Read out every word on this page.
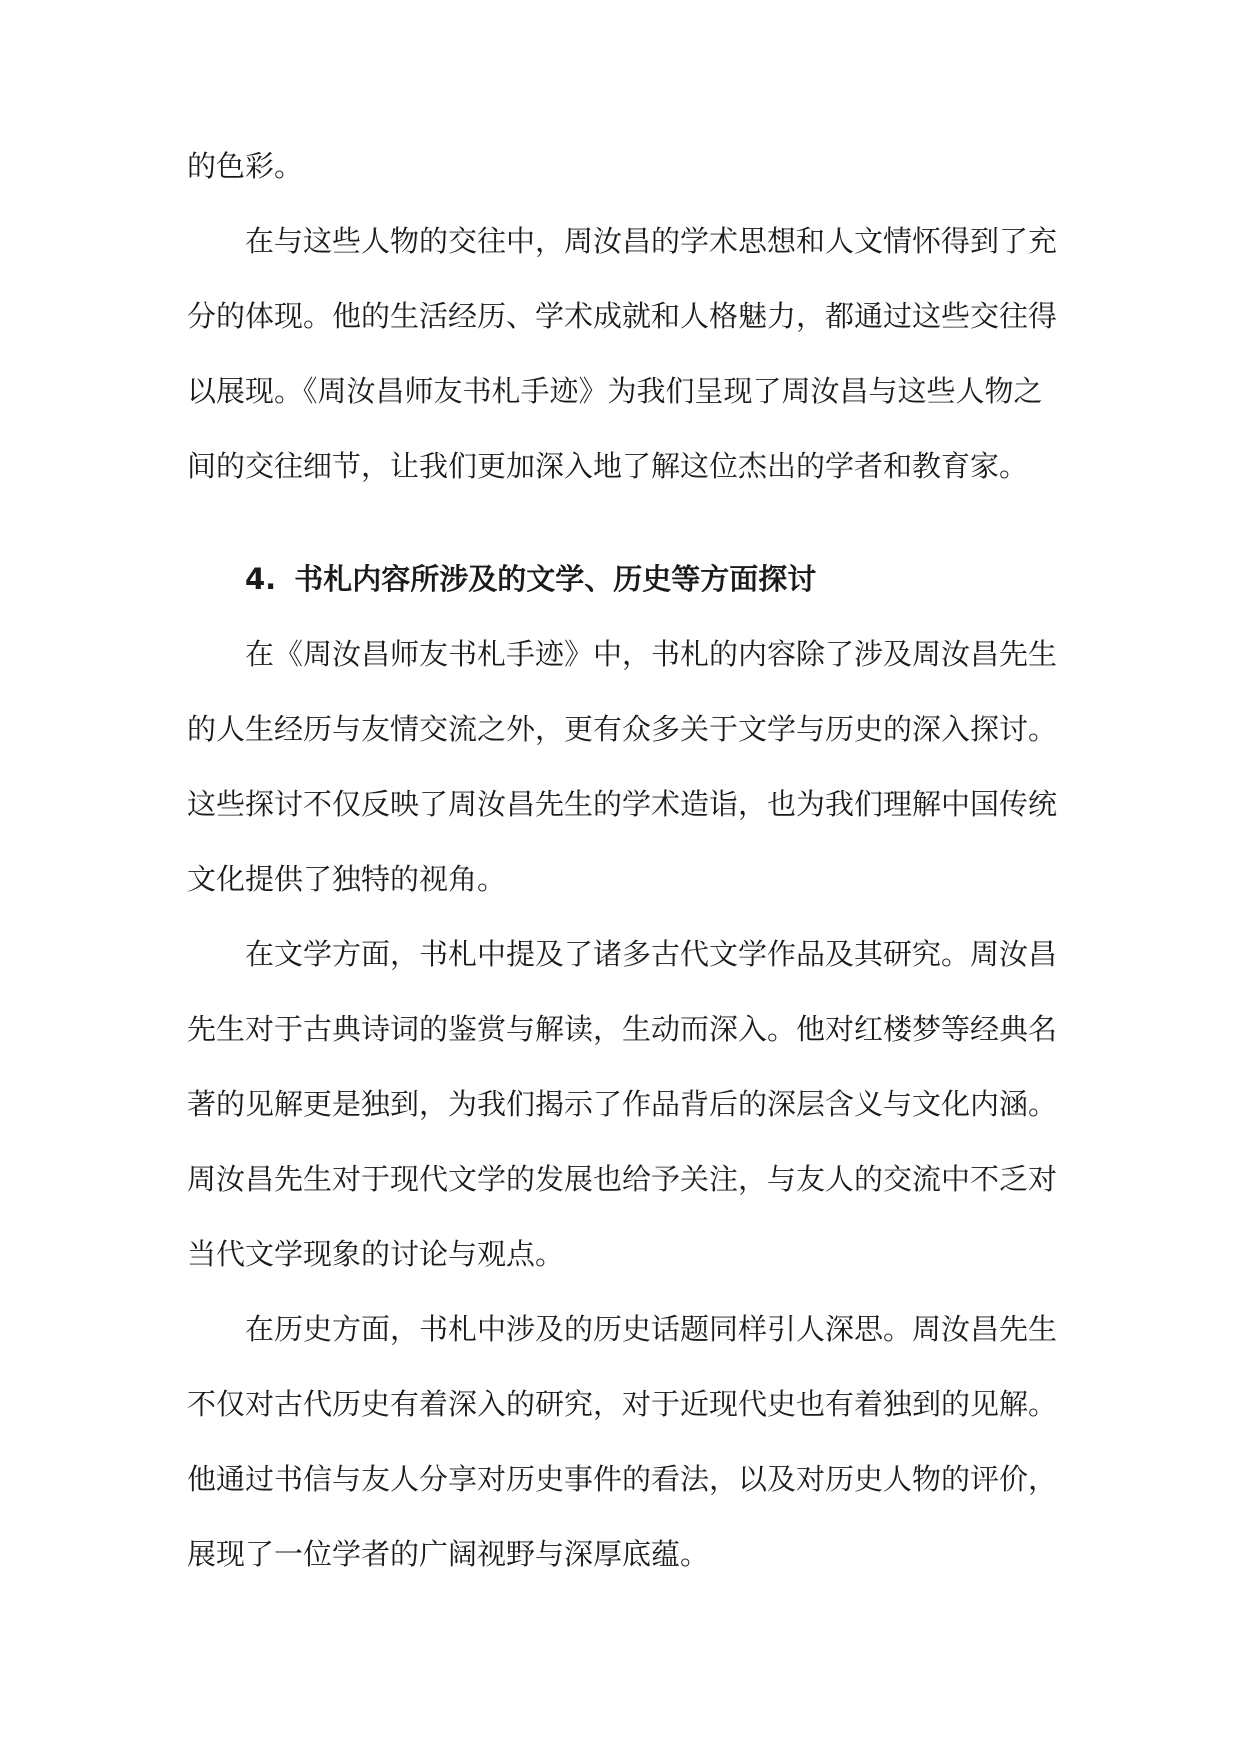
的色彩。
在与这些人物的交往中，周汝昌的学术思想和人文情怀得到了充
分的体现。他的生活经历、学术成就和人格魅力，都通过这些交往得
以展现。《周汝昌师友书札手迹》为我们呈现了周汝昌与这些人物之
间的交往细节，让我们更加深入地了解这位杰出的学者和教育家。
4. 书札内容所涉及的文学、历史等方面探讨
在《周汝昌师友书札手迹》中，书札的内容除了涉及周汝昌先生
的人生经历与友情交流之外，更有众多关于文学与历史的深入探讨。
这些探讨不仅反映了周汝昌先生的学术造诣，也为我们理解中国传统
文化提供了独特的视角。
在文学方面，书札中提及了诸多古代文学作品及其研究。周汝昌
先生对于古典诗词的鉴赏与解读，生动而深入。他对红楼梦等经典名
著的见解更是独到，为我们揭示了作品背后的深层含义与文化内涵。
周汝昌先生对于现代文学的发展也给予关注，与友人的交流中不乏对
当代文学现象的讨论与观点。
在历史方面，书札中涉及的历史话题同样引人深思。周汝昌先生
不仅对古代历史有着深入的研究，对于近现代史也有着独到的见解。
他通过书信与友人分享对历史事件的看法，以及对历史人物的评价，
展现了一位学者的广阔视野与深厚底蕴。
